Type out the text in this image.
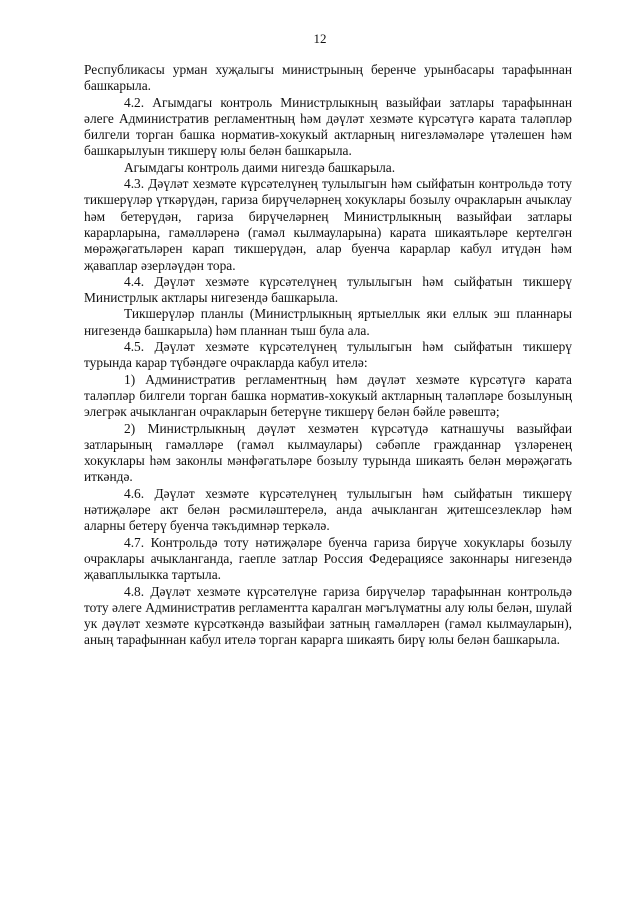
12

Республикасы урман хуҗалыгы министрының беренче урынбасары тарафыннан башкарыла.

4.2. Агымдагы контроль Министрлыкның вазыйфаи затлары тарафыннан әлеге Административ регламентның һәм дәүләт хезмәте күрсәтүгә карата таләпләр билгели торган башка норматив-хокукый актларның нигезләмәләре үтәлешен һәм башкарылуын тикшерү юлы белән башкарыла.

Агымдагы контроль даими нигездә башкарыла.

4.3. Дәүләт хезмәте күрсәтелүнең тулылыгын һәм сыйфатын контрольдә тоту тикшерүләр үткәрүдән, гариза бирүчеләрнең хокуклары бозылу очракларын ачыклау һәм бетерүдән, гариза бирүчеләрнең Министрлыкның вазыйфаи затлары карарларына, гамәлләренә (гамәл кылмауларына) карата шикаятьләре кертелгән мөрәҗәгатьләрен карап тикшерүдән, алар буенча карарлар кабул итүдән һәм җаваплар әзерләүдән тора.

4.4. Дәүләт хезмәте күрсәтелүнең тулылыгын һәм сыйфатын тикшерү Министрлык актлары нигезендә башкарыла.

Тикшерүләр планлы (Министрлыкның яртыеллык яки еллык эш планнары нигезендә башкарыла) һәм планнан тыш була ала.

4.5. Дәүләт хезмәте күрсәтелүнең тулылыгын һәм сыйфатын тикшерү турында карар түбәндәге очракларда кабул ителә:

1) Административ регламентның һәм дәүләт хезмәте күрсәтүгә карата таләпләр билгели торган башка норматив-хокукый актларның таләпләре бозылуның элегрәк ачыкланган очракларын бетерүне тикшерү белән бәйле рәвештә;

2) Министрлыкның дәүләт хезмәтен күрсәтүдә катнашучы вазыйфаи затларының гамәлләре (гамәл кылмаулары) сәбәпле гражданнар үзләренең хокуклары һәм законлы мәнфәгатьләре бозылу турында шикаять белән мөрәҗәгать иткәндә.

4.6. Дәүләт хезмәте күрсәтелүнең тулылыгын һәм сыйфатын тикшерү нәтиҗәләре акт белән рәсмиләштерелә, анда ачыкланган җитешсезлекләр һәм аларны бетерү буенча тәкъдимнәр теркәлә.

4.7. Контрольдә тоту нәтиҗәләре буенча гариза бирүче хокуклары бозылу очраклары ачыкланганда, гаепле затлар Россия Федерациясе законнары нигезендә җаваплылыкка тартыла.

4.8. Дәүләт хезмәте күрсәтелүне гариза бирүчеләр тарафыннан контрольдә тоту әлеге Административ регламентта каралган мәгълүматны алу юлы белән, шулай ук дәүләт хезмәте күрсәткәндә вазыйфаи затның гамәлләрен (гамәл кылмауларын), аның тарафыннан кабул ителә торган карарга шикаять бирү юлы белән башкарыла.
